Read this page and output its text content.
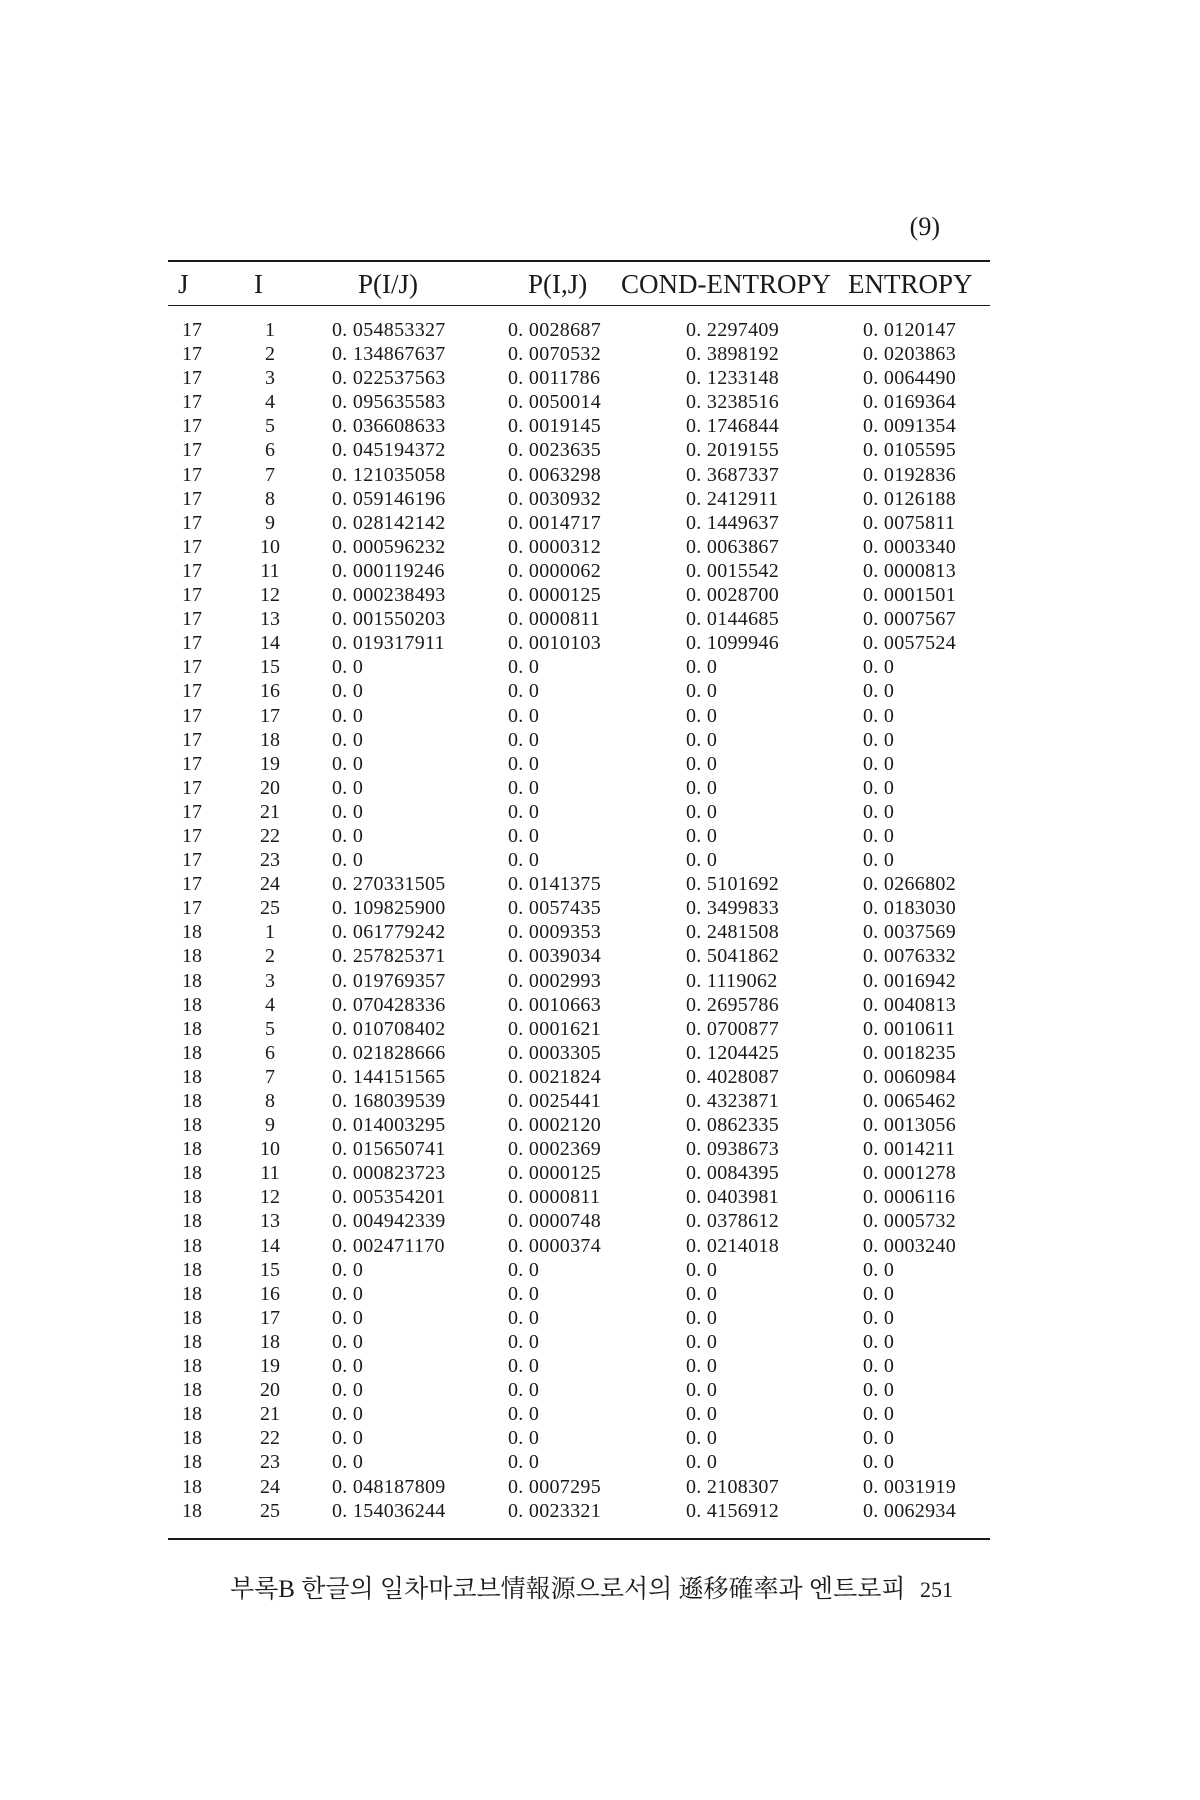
(9)
J I	P(I/J)	P(I,J) COND-ENTROPY ENTROPY
17	1	0. 054853327	0. 0028687	0. 2297409	0. 0120147
17	2	0. 134867637	0. 0070532	0. 3898192	0. 0203863
17	3	0. 022537563	0. 0011786	0. 1233148	0. 0064490
17	4	0. 095635583	0. 0050014	0. 3238516	0. 0169364
17	5	0. 036608633	0. 0019145	0. 1746844	0. 0091354
17	6	0. 045194372	0. 0023635	0. 2019155	0. 0105595
17	7	0. 121035058	0. 0063298	0. 3687337	0. 0192836
17	8	0. 059146196	0. 0030932	0. 2412911	0. 0126188
17	9	0. 028142142	0. 0014717	0. 1449637	0. 0075811
17	10	0. 000596232	0. 0000312	0. 0063867	0. 0003340
17	11	0. 000119246	0. 0000062	0. 0015542	0. 0000813
17	12	0. 000238493	0. 0000125	0. 0028700	0. 0001501
17	13	0. 001550203	0. 0000811	0. 0144685	0. 0007567
17	14	0. 019317911	0. 0010103	0. 1099946	0. 0057524
17	15	0. 0	0. 0	0. 0	0. 0
17	16	0. 0	0. 0	0. 0	0. 0
17	17	0. 0	0. 0	0. 0	0. 0
17	18	0. 0	0. 0	0. 0	0. 0
17	19	0. 0	0. 0	0. 0	0. 0
17	20	0. 0	0. 0	0. 0	0. 0
17	21	0. 0	0. 0	0. 0	0. 0
17	22	0. 0	0. 0	0. 0	0. 0
17	23	0. 0	0. 0	0. 0	0. 0
17	24	0. 270331505	0. 0141375	0. 5101692	0. 0266802
17	25	0. 109825900	0. 0057435	0. 3499833	0. 0183030
18	1	0. 061779242	0. 0009353	0. 2481508	0. 0037569
18	2	0. 257825371	0. 0039034	0. 5041862	0. 0076332
18	3	0. 019769357	0. 0002993	0. 1119062	0. 0016942
18	4	0. 070428336	0. 0010663	0. 2695786	0. 0040813
18	5	0. 010708402	0. 0001621	0. 0700877	0. 0010611
18	6	0. 021828666	0. 0003305	0. 1204425	0. 0018235
18	7	0. 144151565	0. 0021824	0. 4028087	0. 0060984
18	8	0. 168039539	0. 0025441	0. 4323871	0. 0065462
18	9	0. 014003295	0. 0002120	0. 0862335	0. 0013056
18	10	0. 015650741	0. 0002369	0. 0938673	0. 0014211
18	11	0. 000823723	0. 0000125	0. 0084395	0. 0001278
18	12	0. 005354201	0. 0000811	0. 0403981	0. 0006116
18	13	0. 004942339	0. 0000748	0. 0378612	0. 0005732
18	14	0. 002471170	0. 0000374	0. 0214018	0. 0003240
18	15	0. 0	0. 0	0. 0	0. 0
18	16	0. 0	0. 0	0. 0	0. 0
18	17	0. 0	0. 0	0. 0	0. 0
18	18	0. 0	0. 0	0. 0	0. 0
18	19	0. 0	0. 0	0. 0	0. 0
18	20	0. 0	0. 0	0. 0	0. 0
18	21	0. 0	0. 0	0. 0	0. 0
18	22	0. 0	0. 0	0. 0	0. 0
18	23	0. 0	0. 0	0. 0	0. 0
18	24	0. 048187809	0. 0007295	0. 2108307	0. 0031919
18	25	0. 154036244	0. 0023321	0. 4156912	0. 0062934
부록B 한글의 일차마코브情報源으로서의 遜移確率과 엔트로피 251
